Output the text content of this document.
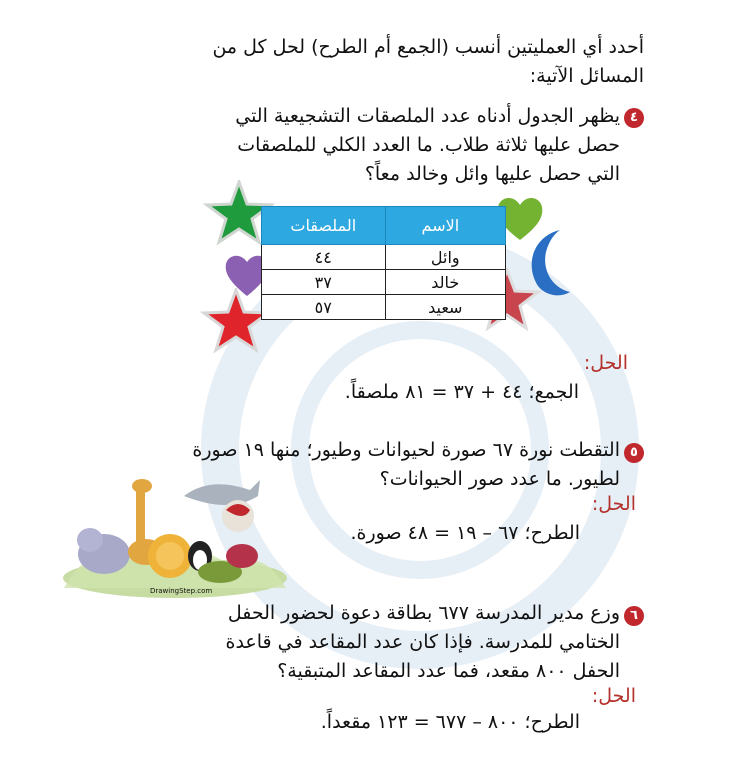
أحدد أي العمليتين أنسب (الجمع أم الطرح) لحل كل من
المسائل الآتية:
٤
يظهر الجدول أدناه عدد الملصقات التشجيعية التي
حصل عليها ثلاثة طلاب. ما العدد الكلي للملصقات
التي حصل عليها وائل وخالد معاً؟
الاسم	الملصقات
وائل	٤٤
خالد	٣٧
سعيد	٥٧
الحل:
الجمع؛ ٤٤ + ٣٧ = ٨١ ملصقاً.
٥
التقطت نورة ٦٧ صورة لحيوانات وطيور؛ منها ١٩ صورة
لطيور. ما عدد صور الحيوانات؟
الحل:
الطرح؛ ٦٧ – ١٩ = ٤٨ صورة.
DrawingStep.com
٦
وزع مدير المدرسة ٦٧٧ بطاقة دعوة لحضور الحفل
الختامي للمدرسة. فإذا كان عدد المقاعد في قاعدة
الحفل ٨٠٠ مقعد، فما عدد المقاعد المتبقية؟
الحل:
الطرح؛ ٨٠٠ – ٦٧٧ = ١٢٣ مقعداً.
